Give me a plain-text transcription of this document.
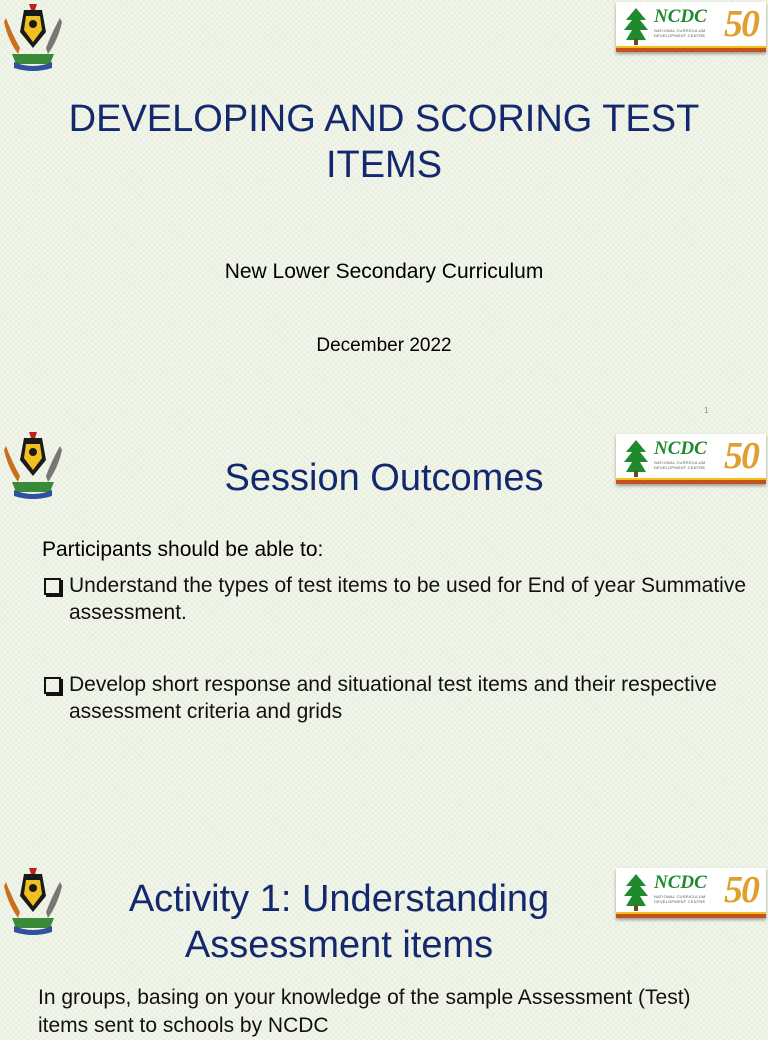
NCDC
NATIONAL CURRICULUM
DEVELOPMENT CENTRE 50
DEVELOPING AND SCORING TEST ITEMS
New Lower Secondary Curriculum
December 2022
1
NCDC
NATIONAL CURRICULUM
DEVELOPMENT CENTRE 50
Session Outcomes
Participants should be able to:
Understand the types of test items to be used for End of year Summative assessment.
Develop short response and situational test items and their respective assessment criteria and grids
NCDC
NATIONAL CURRICULUM
DEVELOPMENT CENTRE 50
Activity 1: Understanding Assessment items
In groups, basing on your knowledge of the sample Assessment (Test) items sent to schools by NCDC
